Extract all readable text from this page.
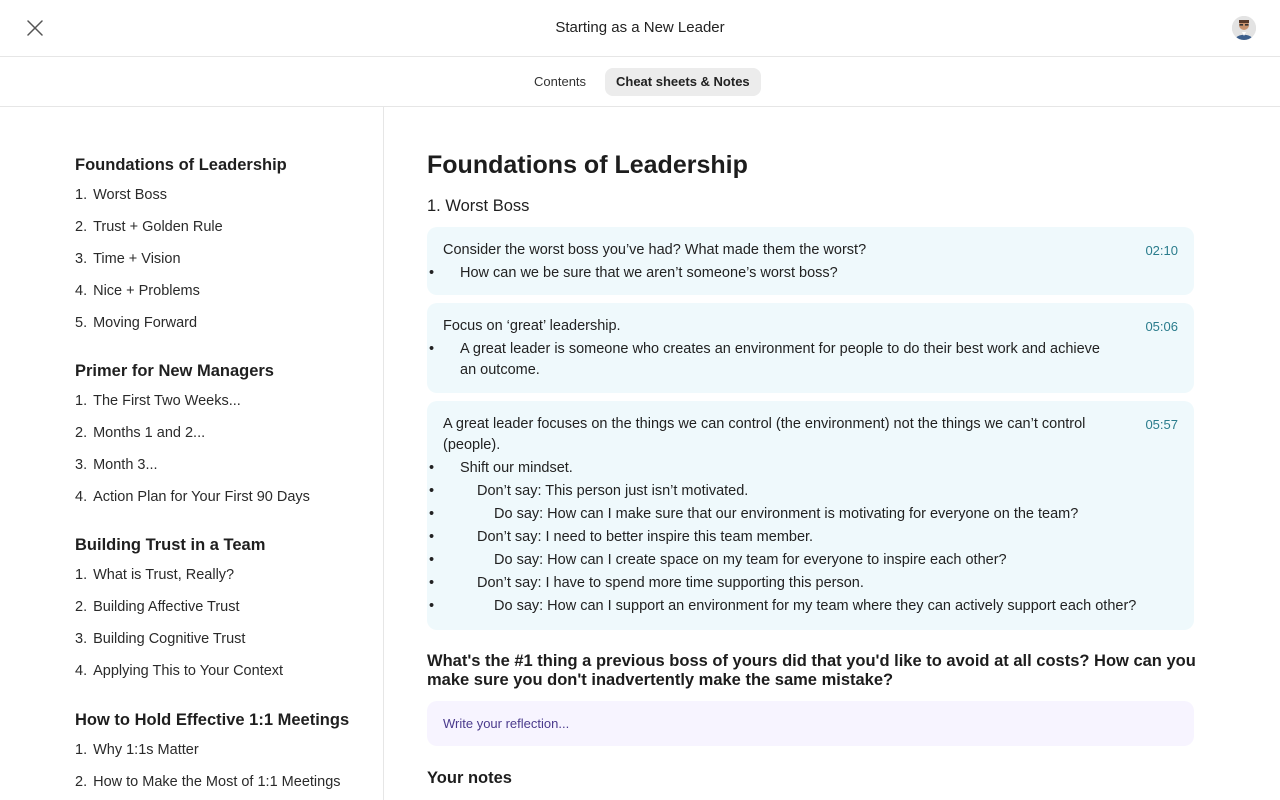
Starting as a New Leader
Contents	Cheat sheets & Notes
Foundations of Leadership
1. Worst Boss
2. Trust + Golden Rule
3. Time + Vision
4. Nice + Problems
5. Moving Forward
Primer for New Managers
1. The First Two Weeks...
2. Months 1 and 2...
3. Month 3...
4. Action Plan for Your First 90 Days
Building Trust in a Team
1. What is Trust, Really?
2. Building Affective Trust
3. Building Cognitive Trust
4. Applying This to Your Context
How to Hold Effective 1:1 Meetings
1. Why 1:1s Matter
2. How to Make the Most of 1:1 Meetings
Foundations of Leadership
1. Worst Boss
02:10

Consider the worst boss you’ve had? What made them the worst?

• How can we be sure that we aren’t someone’s worst boss?
05:06

Focus on ‘great’ leadership.

• A great leader is someone who creates an environment for people to do their best work and achieve an outcome.
05:57

A great leader focuses on the things we can control (the environment) not the things we can’t control (people).

• Shift our mindset.
• Don’t say: This person just isn’t motivated.
• Do say: How can I make sure that our environment is motivating for everyone on the team?
• Don’t say: I need to better inspire this team member.
• Do say: How can I create space on my team for everyone to inspire each other?
• Don’t say: I have to spend more time supporting this person.
• Do say: How can I support an environment for my team where they can actively support each other?
What's the #1 thing a previous boss of yours did that you'd like to avoid at all costs? How can you make sure you don't inadvertently make the same mistake?
Write your reflection...
Your notes
